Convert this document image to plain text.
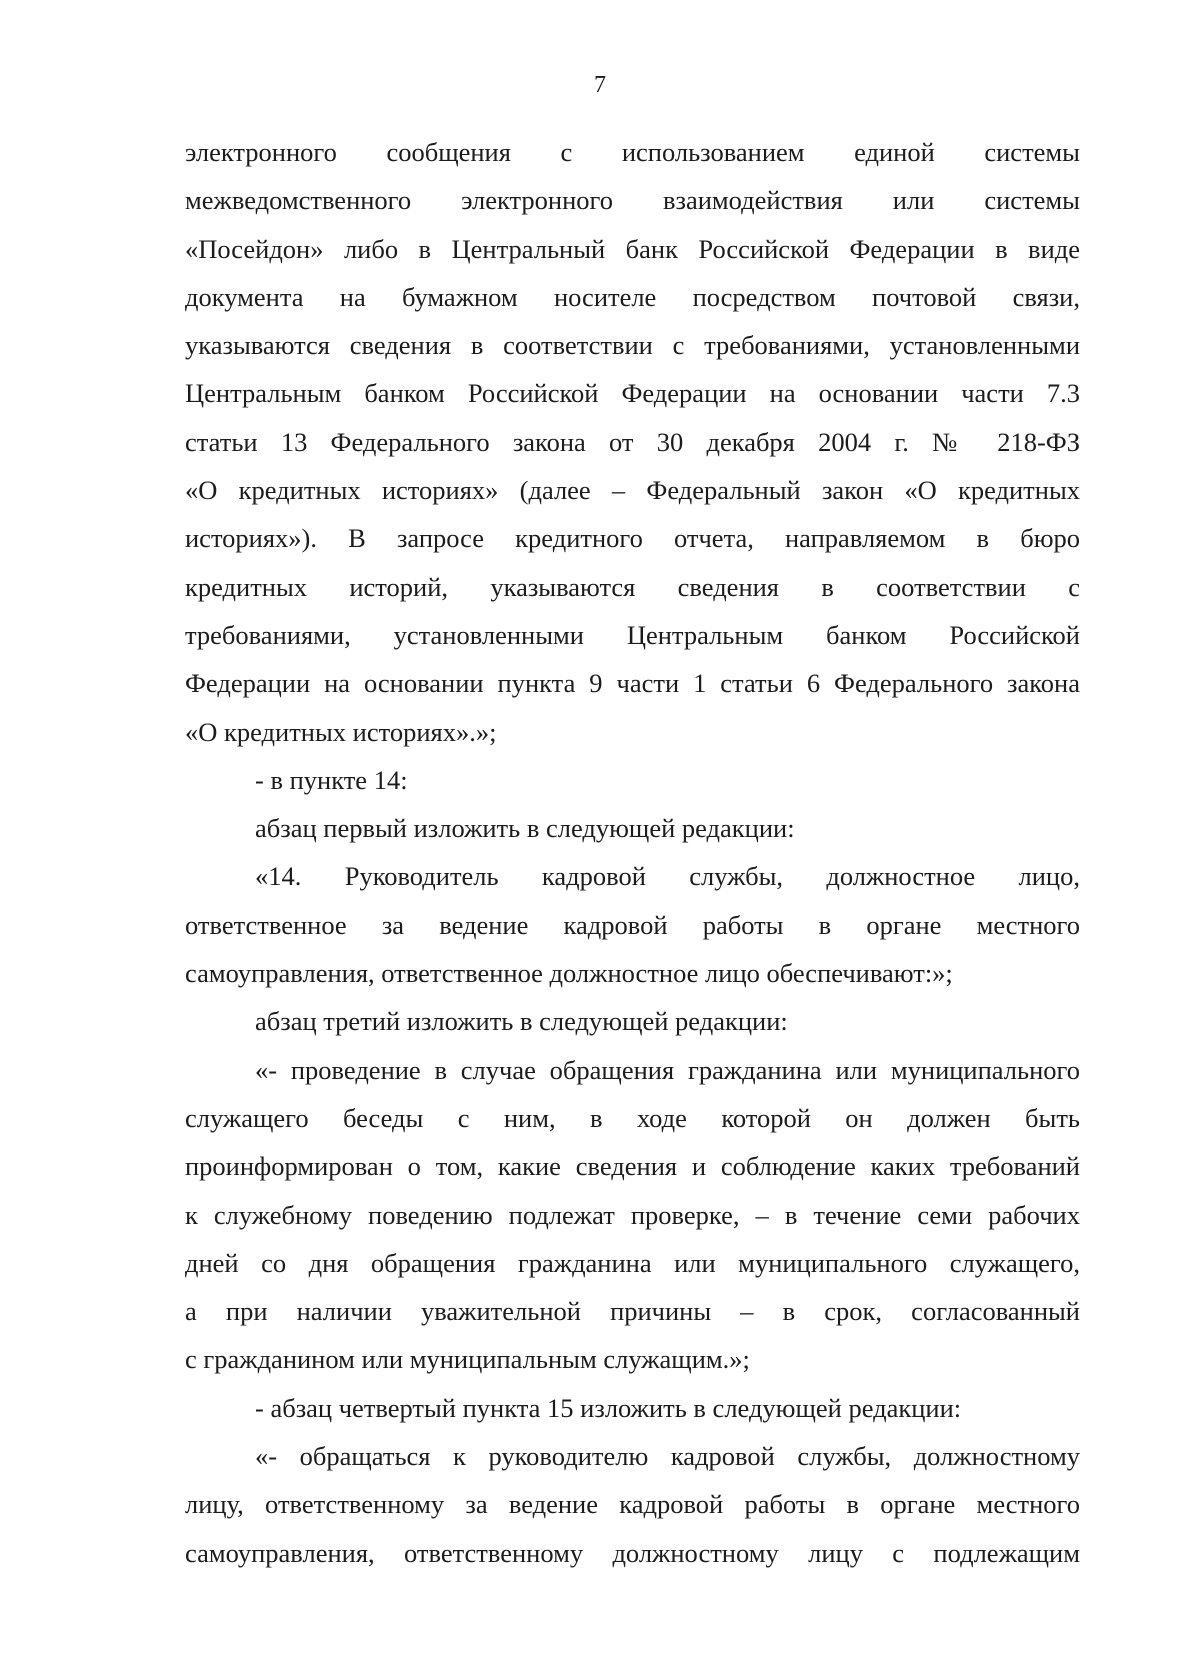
7
электронного сообщения с использованием единой системы
межведомственного электронного взаимодействия или системы
«Посейдон» либо в Центральный банк Российской Федерации в виде
документа на бумажном носителе посредством почтовой связи,
указываются сведения в соответствии с требованиями, установленными
Центральным банком Российской Федерации на основании части 7.3
статьи 13 Федерального закона от 30 декабря 2004 г. № 218-ФЗ
«О кредитных историях» (далее – Федеральный закон «О кредитных
историях»). В запросе кредитного отчета, направляемом в бюро
кредитных историй, указываются сведения в соответствии с
требованиями, установленными Центральным банком Российской
Федерации на основании пункта 9 части 1 статьи 6 Федерального закона
«О кредитных историях».»;
- в пункте 14:
абзац первый изложить в следующей редакции:
«14. Руководитель кадровой службы, должностное лицо,
ответственное за ведение кадровой работы в органе местного
самоуправления, ответственное должностное лицо обеспечивают:»;
абзац третий изложить в следующей редакции:
«- проведение в случае обращения гражданина или муниципального
служащего беседы с ним, в ходе которой он должен быть
проинформирован о том, какие сведения и соблюдение каких требований
к служебному поведению подлежат проверке, – в течение семи рабочих
дней со дня обращения гражданина или муниципального служащего,
а при наличии уважительной причины – в срок, согласованный
с гражданином или муниципальным служащим.»;
- абзац четвертый пункта 15 изложить в следующей редакции:
«- обращаться к руководителю кадровой службы, должностному
лицу, ответственному за ведение кадровой работы в органе местного
самоуправления, ответственному должностному лицу с подлежащим
